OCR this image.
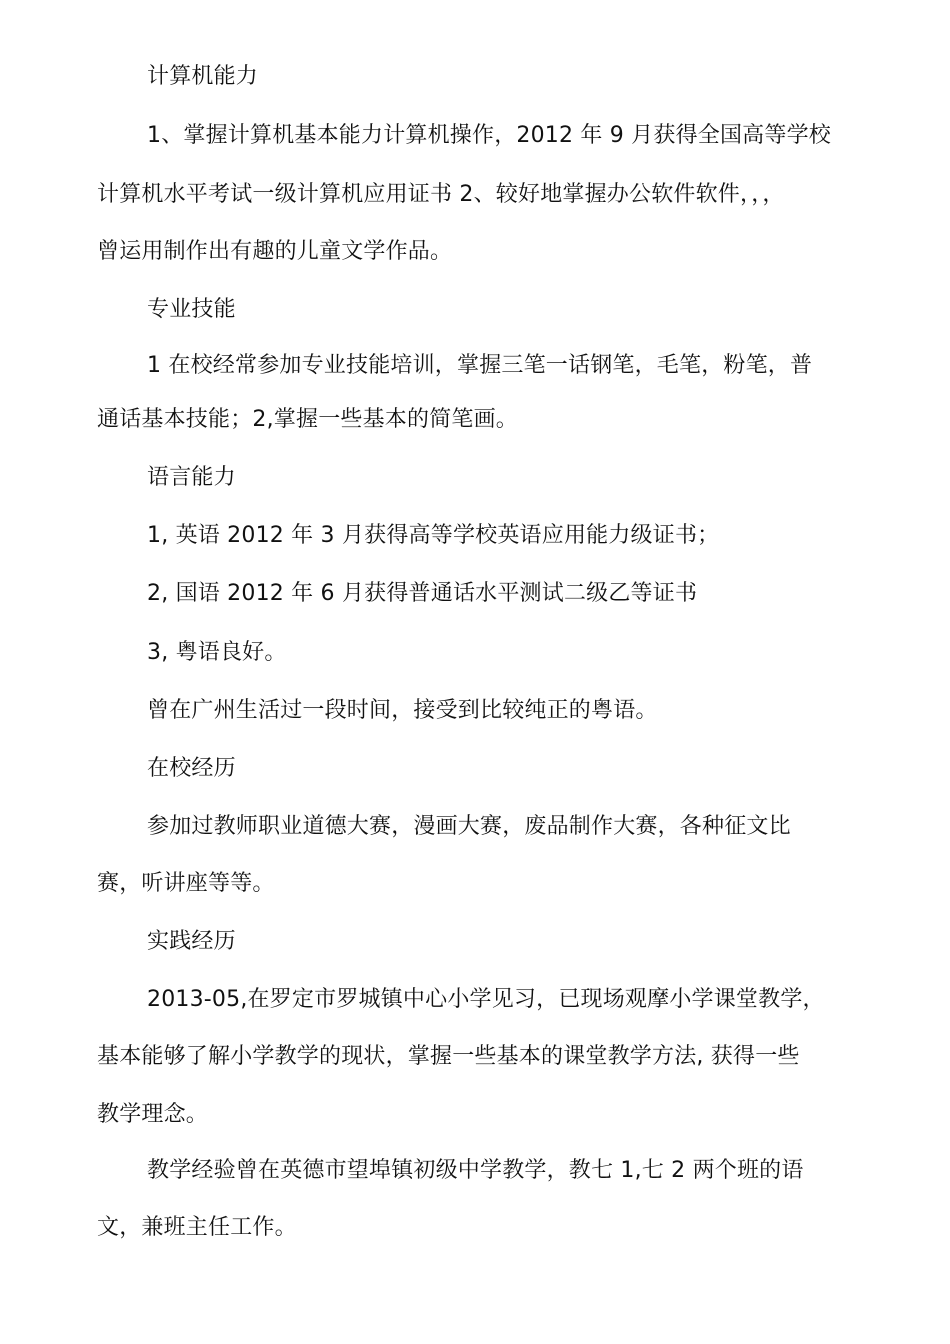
计算机能力
1、掌握计算机基本能力计算机操作，2012 年 9 月获得全国高等学校
计算机水平考试一级计算机应用证书 2、较好地掌握办公软件软件，，，
曾运用制作出有趣的儿童文学作品。
专业技能
1 在校经常参加专业技能培训，掌握三笔一话钢笔，毛笔，粉笔，普
通话基本技能；2,掌握一些基本的简笔画。
语言能力
1, 英语 2012 年 3 月获得高等学校英语应用能力级证书；
2, 国语 2012 年 6 月获得普通话水平测试二级乙等证书
3, 粤语良好。
曾在广州生活过一段时间，接受到比较纯正的粤语。
在校经历
参加过教师职业道德大赛，漫画大赛，废品制作大赛，各种征文比
赛，听讲座等等。
实践经历
2013-05,在罗定市罗城镇中心小学见习，已现场观摩小学课堂教学，
基本能够了解小学教学的现状，掌握一些基本的课堂教学方法, 获得一些
教学理念。
教学经验曾在英德市望埠镇初级中学教学，教七 1,七 2 两个班的语
文，兼班主任工作。
